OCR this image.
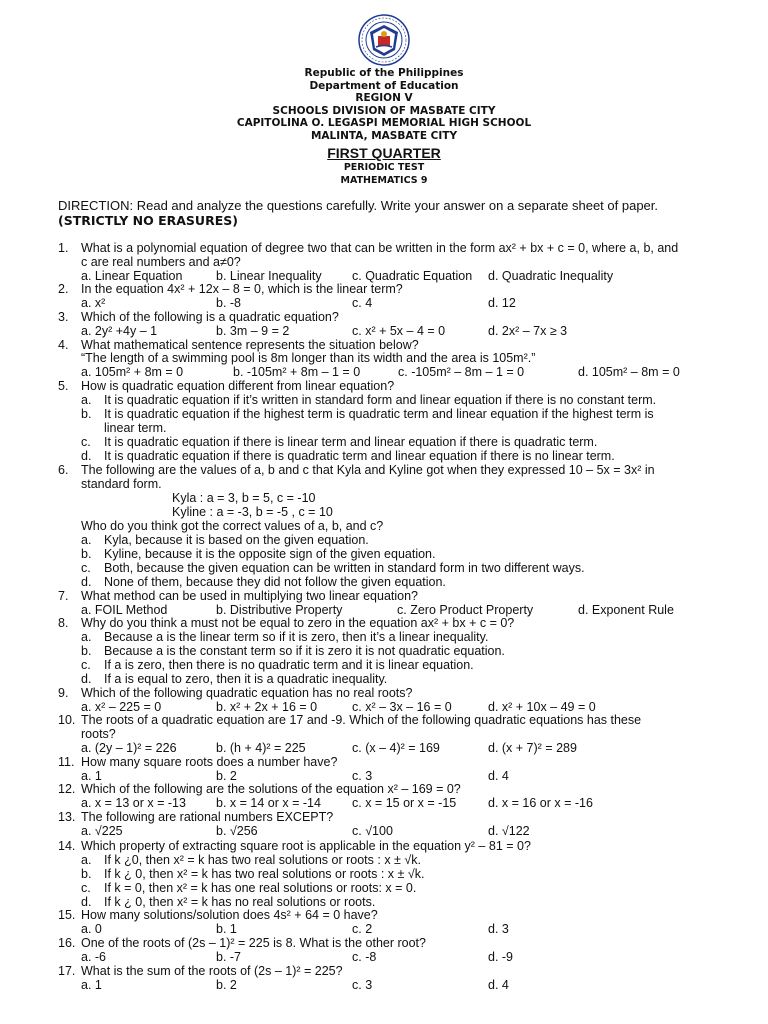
Republic of the Philippines
Department of Education
REGION V
SCHOOLS DIVISION OF MASBATE CITY
CAPITOLINA O. LEGASPI MEMORIAL HIGH SCHOOL
MALINTA, MASBATE CITY
FIRST QUARTER
PERIODIC TEST
MATHEMATICS 9
DIRECTION: Read and analyze the questions carefully. Write your answer on a separate sheet of paper.
(STRICTLY NO ERASURES)
1. What is a polynomial equation of degree two that can be written in the form ax² + bx + c = 0, where a, b, and
c are real numbers and a≠0?
a. Linear Equation	b. Linear Inequality c. Quadratic Equation d. Quadratic Inequality
2. In the equation 4x² + 12x – 8 = 0, which is the linear term?
a. x²	b. -8	c. 4	d. 12
3. Which of the following is a quadratic equation?
a. 2y² +4y – 1	b. 3m – 9 = 2	c. x² + 5x – 4 = 0	d. 2x² – 7x ≥ 3
4. What mathematical sentence represents the situation below?
“The length of a swimming pool is 8m longer than its width and the area is 105m².”
a. 105m² + 8m = 0	b. -105m² + 8m – 1 = 0	c. -105m² – 8m – 1 = 0	d. 105m² – 8m = 0
5. How is quadratic equation different from linear equation?
a. It is quadratic equation if it’s written in standard form and linear equation if there is no constant term.
b. It is quadratic equation if the highest term is quadratic term and linear equation if the highest term is
linear term.
c. It is quadratic equation if there is linear term and linear equation if there is quadratic term.
d. It is quadratic equation if there is quadratic term and linear equation if there is no linear term.
6. The following are the values of a, b and c that Kyla and Kyline got when they expressed 10 – 5x = 3x² in
standard form.
Kyla : a = 3, b = 5, c = -10
Kyline : a = -3, b = -5 , c = 10
Who do you think got the correct values of a, b, and c?
a. Kyla, because it is based on the given equation.
b. Kyline, because it is the opposite sign of the given equation.
c. Both, because the given equation can be written in standard form in two different ways.
d. None of them, because they did not follow the given equation.
7. What method can be used in multiplying two linear equation?
a. FOIL Method	b. Distributive Property	c. Zero Product Property	d. Exponent Rule
8. Why do you think a must not be equal to zero in the equation ax² + bx + c = 0?
a. Because a is the linear term so if it is zero, then it’s a linear inequality.
b. Because a is the constant term so if it is zero it is not quadratic equation.
c. If a is zero, then there is no quadratic term and it is linear equation.
d. If a is equal to zero, then it is a quadratic inequality.
9. Which of the following quadratic equation has no real roots?
a. x² – 225 = 0	b. x² + 2x + 16 = 0	c. x² – 3x – 16 = 0	d. x² + 10x – 49 = 0
10. The roots of a quadratic equation are 17 and -9. Which of the following quadratic equations has these
roots?
a. (2y – 1)² = 226	b. (h + 4)² = 225	c. (x – 4)² = 169	d. (x + 7)² = 289
11. How many square roots does a number have?
a. 1	b. 2	c. 3	d. 4
12. Which of the following are the solutions of the equation x² – 169 = 0?
a. x = 13 or x = -13 b. x = 14 or x = -14 c. x = 15 or x = -15	d. x = 16 or x = -16
13. The following are rational numbers EXCEPT?
a. √225	b. √256	c. √100	d. √122
14. Which property of extracting square root is applicable in the equation y² – 81 = 0?
a. If k ¿0, then x² = k has two real solutions or roots : x ± √k.
b. If k ¿ 0, then x² = k has two real solutions or roots : x ± √k.
c. If k = 0, then x² = k has one real solutions or roots: x = 0.
d. If k ¿ 0, then x² = k has no real solutions or roots.
15. How many solutions/solution does 4s² + 64 = 0 have?
a. 0	b. 1	c. 2	d. 3
16. One of the roots of (2s – 1)² = 225 is 8. What is the other root?
a. -6	b. -7	c. -8	d. -9
17. What is the sum of the roots of (2s – 1)² = 225?
a. 1	b. 2	c. 3	d. 4
